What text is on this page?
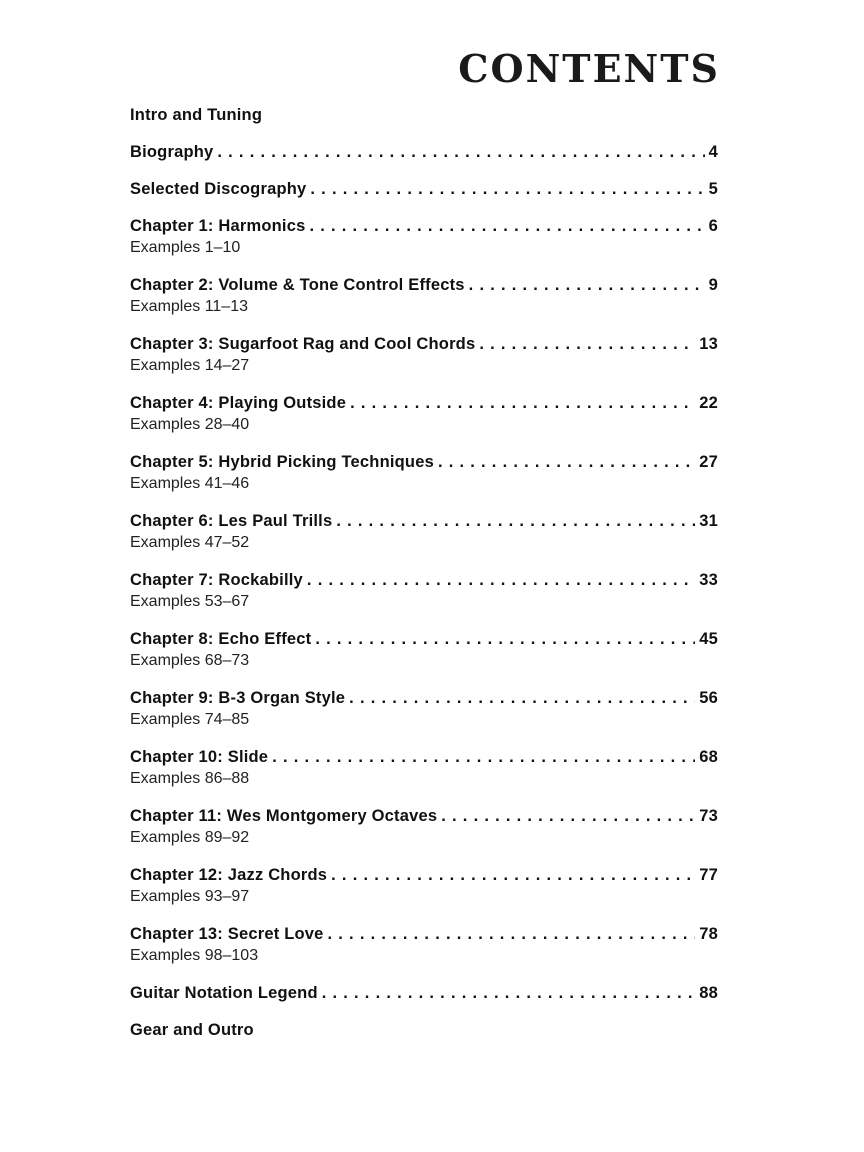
CONTENTS
Intro and Tuning
Biography . . .	4
Selected Discography . . .	5
Chapter 1: Harmonics . . .	6
Examples 1–10
Chapter 2: Volume & Tone Control Effects . . .	9
Examples 11–13
Chapter 3: Sugarfoot Rag and Cool Chords . . .	13
Examples 14–27
Chapter 4: Playing Outside . . .	22
Examples 28–40
Chapter 5: Hybrid Picking Techniques . . .	27
Examples 41–46
Chapter 6: Les Paul Trills . . .	31
Examples 47–52
Chapter 7: Rockabilly . . .	33
Examples 53–67
Chapter 8: Echo Effect . . .	45
Examples 68–73
Chapter 9: B-3 Organ Style . . .	56
Examples 74–85
Chapter 10: Slide . . .	68
Examples 86–88
Chapter 11: Wes Montgomery Octaves . . .	73
Examples 89–92
Chapter 12: Jazz Chords . . .	77
Examples 93–97
Chapter 13: Secret Love . . .	78
Examples 98–103
Guitar Notation Legend . . .	88
Gear and Outro
